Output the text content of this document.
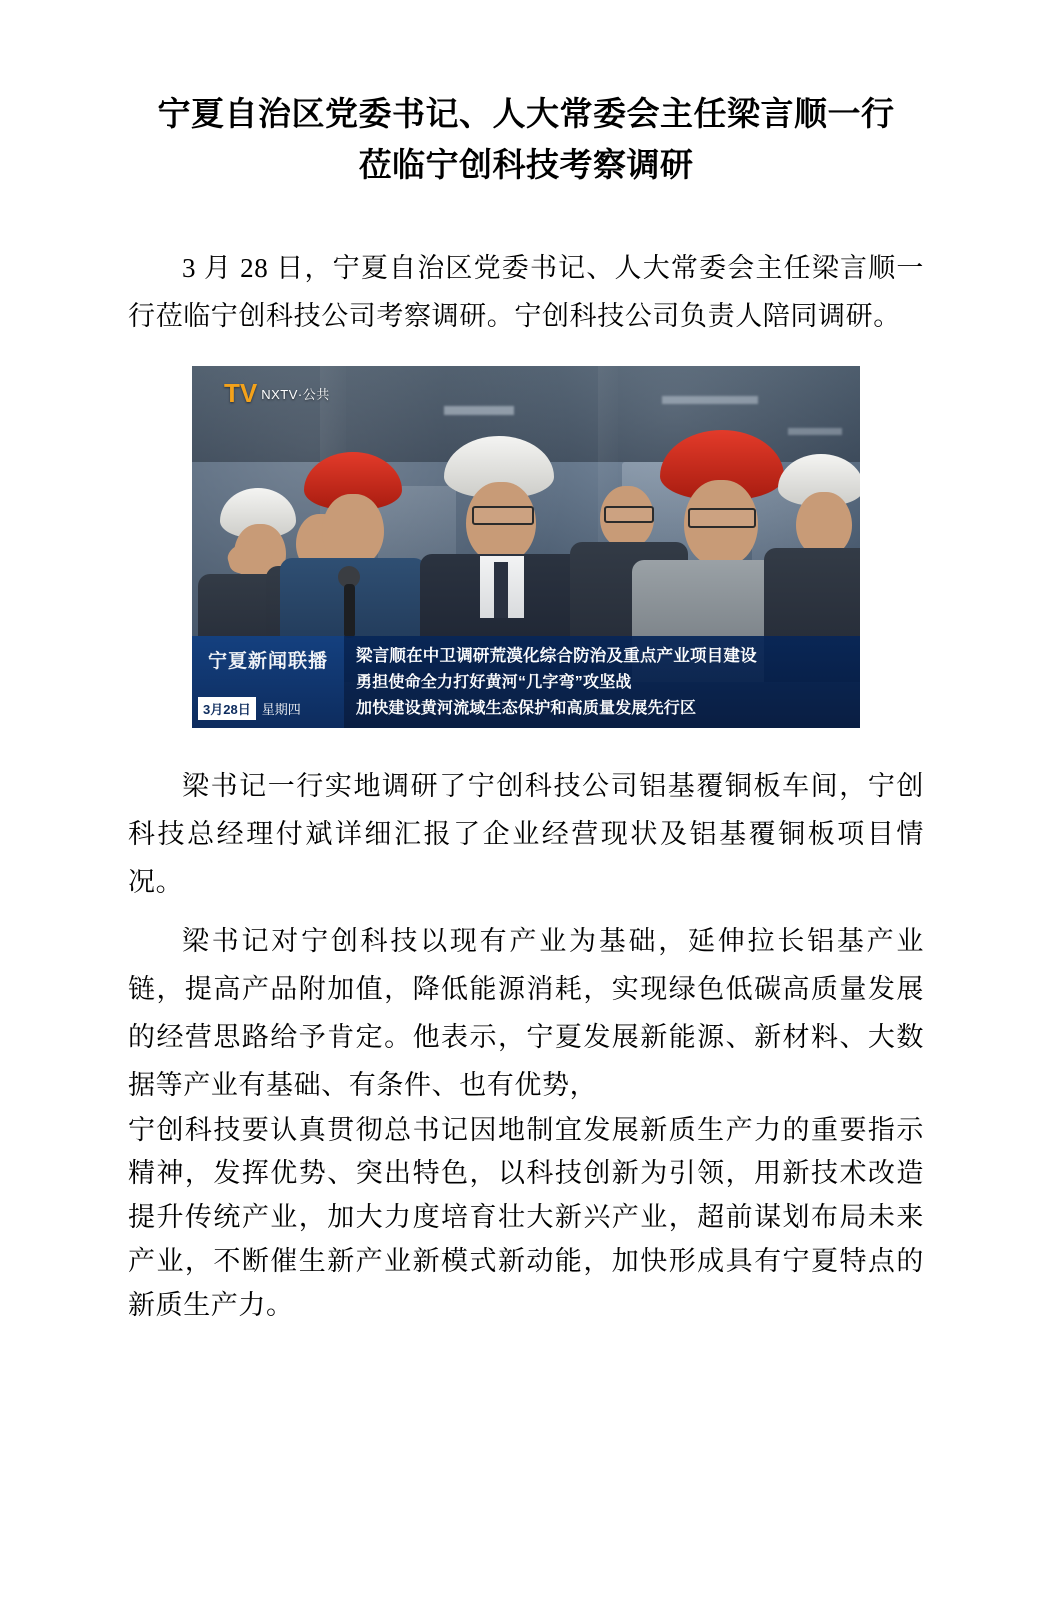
宁夏自治区党委书记、人大常委会主任梁言顺一行
莅临宁创科技考察调研

3 月 28 日，宁夏自治区党委书记、人大常委会主任梁言顺一行莅临宁创科技公司考察调研。宁创科技公司负责人陪同调研。

TV NXTV·公共
宁夏新闻联播
3月28日 星期四
梁言顺在中卫调研荒漠化综合防治及重点产业项目建设
勇担使命全力打好黄河“几字弯”攻坚战
加快建设黄河流域生态保护和高质量发展先行区

梁书记一行实地调研了宁创科技公司铝基覆铜板车间，宁创科技总经理付斌详细汇报了企业经营现状及铝基覆铜板项目情况。

梁书记对宁创科技以现有产业为基础，延伸拉长铝基产业链，提高产品附加值，降低能源消耗，实现绿色低碳高质量发展的经营思路给予肯定。他表示，宁夏发展新能源、新材料、大数据等产业有基础、有条件、也有优势，

宁创科技要认真贯彻总书记因地制宜发展新质生产力的重要指示精神，发挥优势、突出特色，以科技创新为引领，用新技术改造提升传统产业，加大力度培育壮大新兴产业，超前谋划布局未来产业，不断催生新产业新模式新动能，加快形成具有宁夏特点的新质生产力。
